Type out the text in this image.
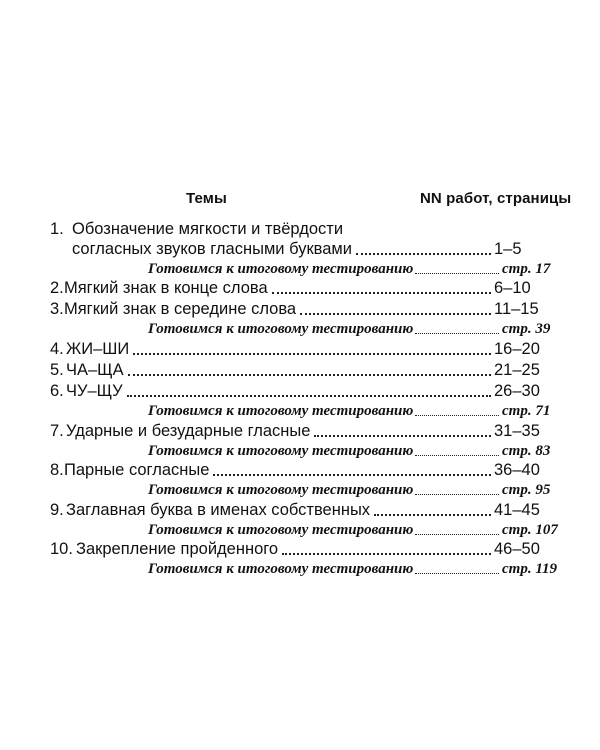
Темы	NN работ, страницы
1. Обозначение мягкости и твёрдости
согласных звуков гласными буквами	1–5
Готовимся к итоговому тестированию	стр. 17
2. Мягкий знак в конце слова	6–10
3. Мягкий знак в середине слова	11–15
Готовимся к итоговому тестированию	стр. 39
4. ЖИ–ШИ	16–20
5. ЧА–ЩА	21–25
6. ЧУ–ЩУ	26–30
Готовимся к итоговому тестированию	стр. 71
7. Ударные и безударные гласные	31–35
Готовимся к итоговому тестированию	стр. 83
8. Парные согласные	36–40
Готовимся к итоговому тестированию	стр. 95
9. Заглавная буква в именах собственных	41–45
Готовимся к итоговому тестированию	стр. 107
10. Закрепление пройденного	46–50
Готовимся к итоговому тестированию	стр. 119
